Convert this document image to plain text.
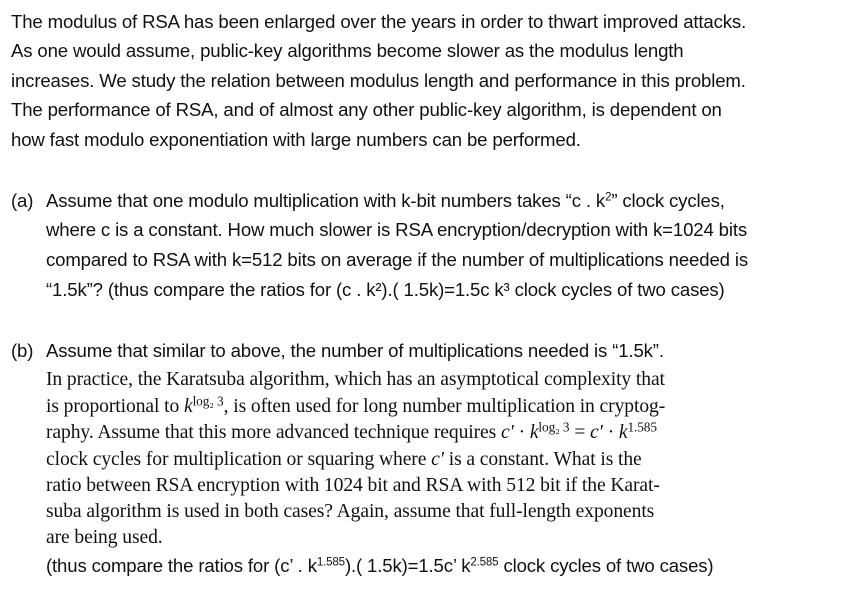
The modulus of RSA has been enlarged over the years in order to thwart improved attacks.
As one would assume, public-key algorithms become slower as the modulus length
increases. We study the relation between modulus length and performance in this problem.
The performance of RSA, and of almost any other public-key algorithm, is dependent on
how fast modulo exponentiation with large numbers can be performed.
(a) Assume that one modulo multiplication with k-bit numbers takes “c . $k^2$” clock cycles,
where c is a constant. How much slower is RSA encryption/decryption with k=1024 bits
compared to RSA with k=512 bits on average if the number of multiplications needed is
“1.5k”? (thus compare the ratios for (c . k²).( 1.5k)=1.5c k³ clock cycles of two cases)
(b) Assume that similar to above, the number of multiplications needed is “1.5k”.
In practice, the Karatsuba algorithm, which has an asymptotical complexity that
is proportional to $k^{log_2 3}$, is often used for long number multiplication in cryptog-
raphy. Assume that this more advanced technique requires $c' \cdot k^{log_2 3} = c' \cdot k^{1.585}$
clock cycles for multiplication or squaring where c′ is a constant. What is the
ratio between RSA encryption with 1024 bit and RSA with 512 bit if the Karat-
suba algorithm is used in both cases? Again, assume that full-length exponents
are being used.
(thus compare the ratios for (c’ . $k^{1.585}$).( 1.5k)=1.5c’ $k^{2.585}$ clock cycles of two cases)
